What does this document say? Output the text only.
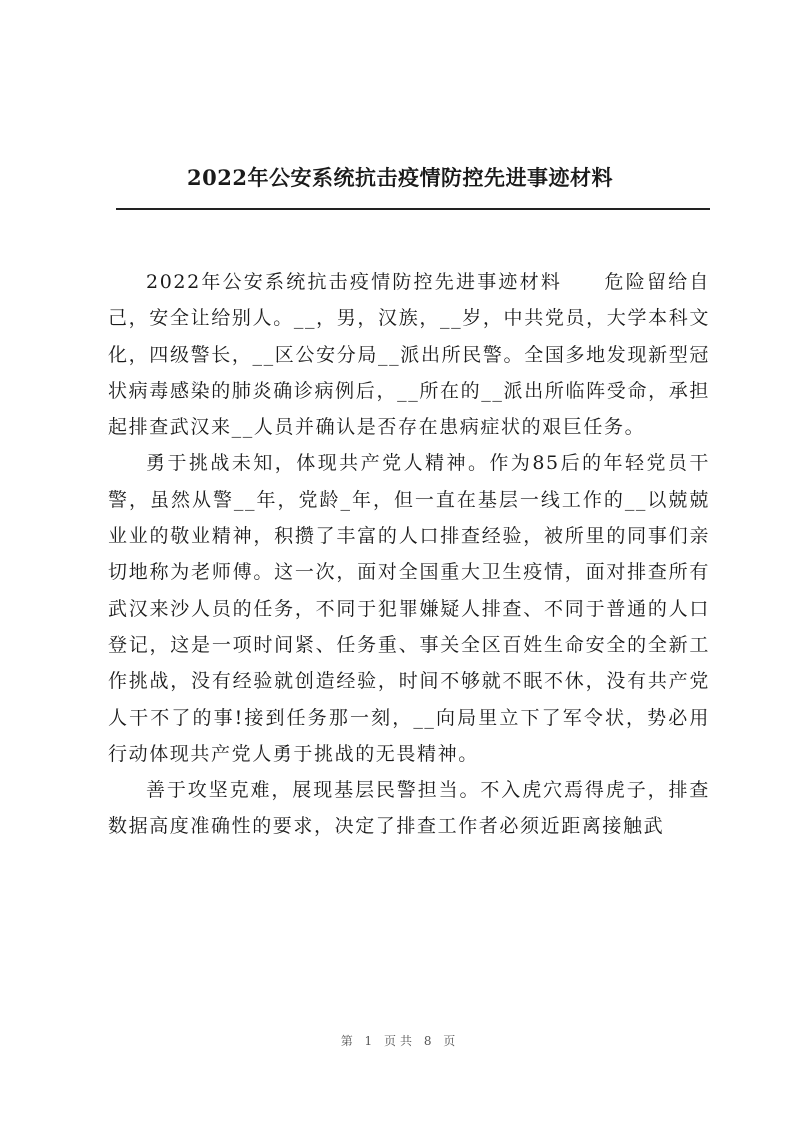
2022年公安系统抗击疫情防控先进事迹材料

2022年公安系统抗击疫情防控先进事迹材料　　危险留给自己，安全让给别人。__，男，汉族，__岁，中共党员，大学本科文化，四级警长，__区公安分局__派出所民警。全国多地发现新型冠状病毒感染的肺炎确诊病例后，__所在的__派出所临阵受命，承担起排查武汉来__人员并确认是否存在患病症状的艰巨任务。

勇于挑战未知，体现共产党人精神。作为85后的年轻党员干警，虽然从警__年，党龄_年，但一直在基层一线工作的__以兢兢业业的敬业精神，积攒了丰富的人口排查经验，被所里的同事们亲切地称为老师傅。这一次，面对全国重大卫生疫情，面对排查所有武汉来沙人员的任务，不同于犯罪嫌疑人排查、不同于普通的人口登记，这是一项时间紧、任务重、事关全区百姓生命安全的全新工作挑战，没有经验就创造经验，时间不够就不眠不休，没有共产党人干不了的事!接到任务那一刻，__向局里立下了军令状，势必用行动体现共产党人勇于挑战的无畏精神。

善于攻坚克难，展现基层民警担当。不入虎穴焉得虎子，排查数据高度准确性的要求，决定了排查工作者必须近距离接触武

第 1 页共 8 页
